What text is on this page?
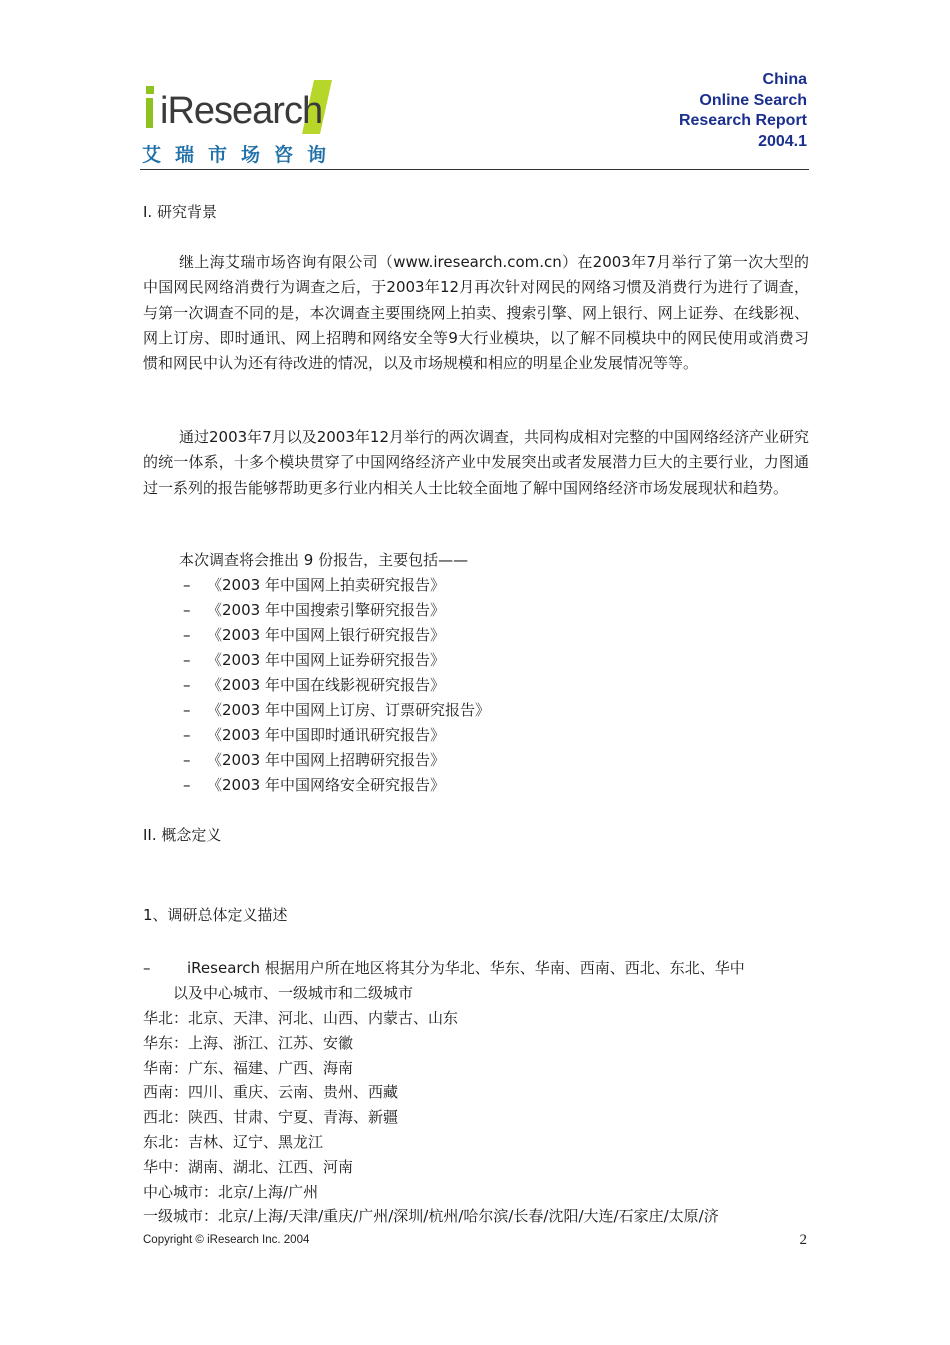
iResearch
艾瑞市场咨询
China
Online Search
Research Report
2004.1
I. 研究背景
继上海艾瑞市场咨询有限公司（www.iresearch.com.cn）在2003年7月举行了第一次大型的中国网民网络消费行为调查之后，于2003年12月再次针对网民的网络习惯及消费行为进行了调查，与第一次调查不同的是，本次调查主要围绕网上拍卖、搜索引擎、网上银行、网上证券、在线影视、网上订房、即时通讯、网上招聘和网络安全等9大行业模块，以了解不同模块中的网民使用或消费习惯和网民中认为还有待改进的情况，以及市场规模和相应的明星企业发展情况等等。
通过2003年7月以及2003年12月举行的两次调查，共同构成相对完整的中国网络经济产业研究的统一体系，十多个模块贯穿了中国网络经济产业中发展突出或者发展潜力巨大的主要行业，力图通过一系列的报告能够帮助更多行业内相关人士比较全面地了解中国网络经济市场发展现状和趋势。
本次调查将会推出 9 份报告，主要包括——
– 《2003 年中国网上拍卖研究报告》
– 《2003 年中国搜索引擎研究报告》
– 《2003 年中国网上银行研究报告》
– 《2003 年中国网上证券研究报告》
– 《2003 年中国在线影视研究报告》
– 《2003 年中国网上订房、订票研究报告》
– 《2003 年中国即时通讯研究报告》
– 《2003 年中国网上招聘研究报告》
– 《2003 年中国网络安全研究报告》
II. 概念定义
1、调研总体定义描述
–	iResearch 根据用户所在地区将其分为华北、华东、华南、西南、西北、东北、华中
以及中心城市、一级城市和二级城市
华北：北京、天津、河北、山西、内蒙古、山东
华东：上海、浙江、江苏、安徽
华南：广东、福建、广西、海南
西南：四川、重庆、云南、贵州、西藏
西北：陕西、甘肃、宁夏、青海、新疆
东北：吉林、辽宁、黑龙江
华中：湖南、湖北、江西、河南
中心城市：北京/上海/广州
一级城市：北京/上海/天津/重庆/广州/深圳/杭州/哈尔滨/长春/沈阳/大连/石家庄/太原/济
Copyright © iResearch Inc. 2004	2
